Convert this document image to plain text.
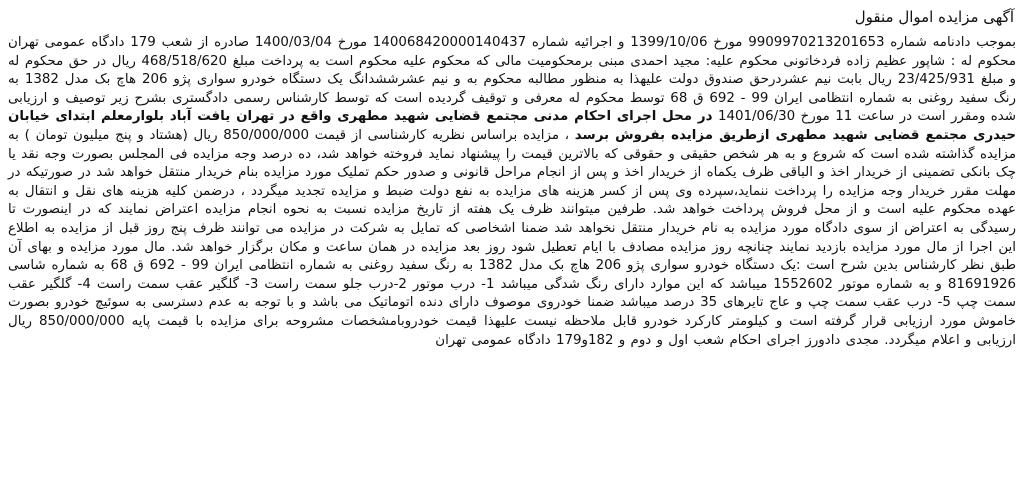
آگهی مزایده اموال منقول

بموجب دادنامه شماره 9909970213201653 مورخ 1399/10/06 و اجرائیه شماره 140068420000140437 مورخ 1400/03/04 صادره از شعب 179 دادگاه عمومی تهران محکوم له : شاپور عظیم زاده فردخاتونی محکوم علیه: مجید احمدی مبنی برمحکومیت مالی که محکوم علیه محکوم است به پرداخت مبلغ 468/518/620 ریال در حق محکوم له و مبلغ 23/425/931 ریال بابت نیم عشردرحق صندوق دولت علیهذا به منظور مطالبه محکوم به و نیم عشرششدانگ یک دستگاه خودرو سواری پژو 206 هاچ بک مدل 1382 به رنگ سفید روغنی به شماره انتظامی ایران 99 - 692 ق 68 توسط محکوم له معرفی و توقیف گردیده است که توسط کارشناس رسمی دادگستری بشرح زیر توصیف و ارزیابی شده ومقرر است در ساعت 11 مورخ 1401/06/30 در محل اجرای احکام مدنی مجتمع قضایی شهید مطهری واقع در تهران یافت آباد بلوارمعلم ابتدای خیابان حیدری مجتمع قضایی شهید مطهری ازطریق مزایده بفروش برسد ، مزایده براساس نظریه کارشناسی از قیمت 850/000/000 ریال (هشتاد و پنج میلیون تومان ) به مزایده گذاشته شده است که شروع و به هر شخص حقیقی و حقوقی که بالاترین قیمت را پیشنهاد نماید فروخته خواهد شد، ده درصد وجه مزایده فی المجلس بصورت وجه نقد یا چک بانکی تضمینی از خریدار اخذ و الباقی ظرف یکماه از خریدار اخذ و پس از انجام مراحل قانونی و صدور حکم تملیک مورد مزایده بنام خریدار منتقل خواهد شد در صورتیکه در مهلت مقرر خریدار وجه مزایده را پرداخت ننماید،سپرده وی پس از کسر هزینه های مزایده به نفع دولت ضبط و مزایده تجدید میگردد ، درضمن کلیه هزینه های نقل و انتقال به عهده محکوم علیه است و از محل فروش پرداخت خواهد شد. طرفین میتوانند ظرف یک هفته از تاریخ مزایده نسبت به نحوه انجام مزایده اعتراض نمایند که در اینصورت تا رسیدگی به اعتراض از سوی دادگاه مورد مزایده به نام خریدار منتقل نخواهد شد ضمنا اشخاصی که تمایل به شرکت در مزایده می توانند ظرف پنج روز قبل از مزایده به اطلاع این اجرا از مال مورد مزایده بازدید نمایند چنانچه روز مزایده مصادف با ایام تعطیل شود روز بعد مزایده در همان ساعت و مکان برگزار خواهد شد. مال مورد مزایده و بهای آن طبق نظر کارشناس بدین شرح است :یک دستگاه خودرو سواری پژو 206 هاچ بک مدل 1382 به رنگ سفید روغنی به شماره انتظامی ایران 99 - 692 ق 68 به شماره شاسی 81691926 و به شماره موتور 1552602 میباشد که این موارد دارای رنگ شدگی میباشد 1- درب موتور 2-درب جلو سمت راست 3- گلگیر عقب سمت راست 4- گلگیر عقب سمت چپ 5- درب عقب سمت چپ و عاج تایرهای 35 درصد میباشد ضمنا خودروی موصوف دارای دنده اتوماتیک می باشد و با توجه به عدم دسترسی به سوئیچ خودرو بصورت خاموش مورد ارزیابی قرار گرفته است و کیلومتر کارکرد خودرو قابل ملاحظه نیست علیهذا قیمت خودروبامشخصات مشروحه برای مزایده با قیمت پایه 850/000/000 ریال ارزیابی و اعلام میگردد. مجدی دادورز اجرای احکام شعب اول و دوم و 182و179 دادگاه عمومی تهران
